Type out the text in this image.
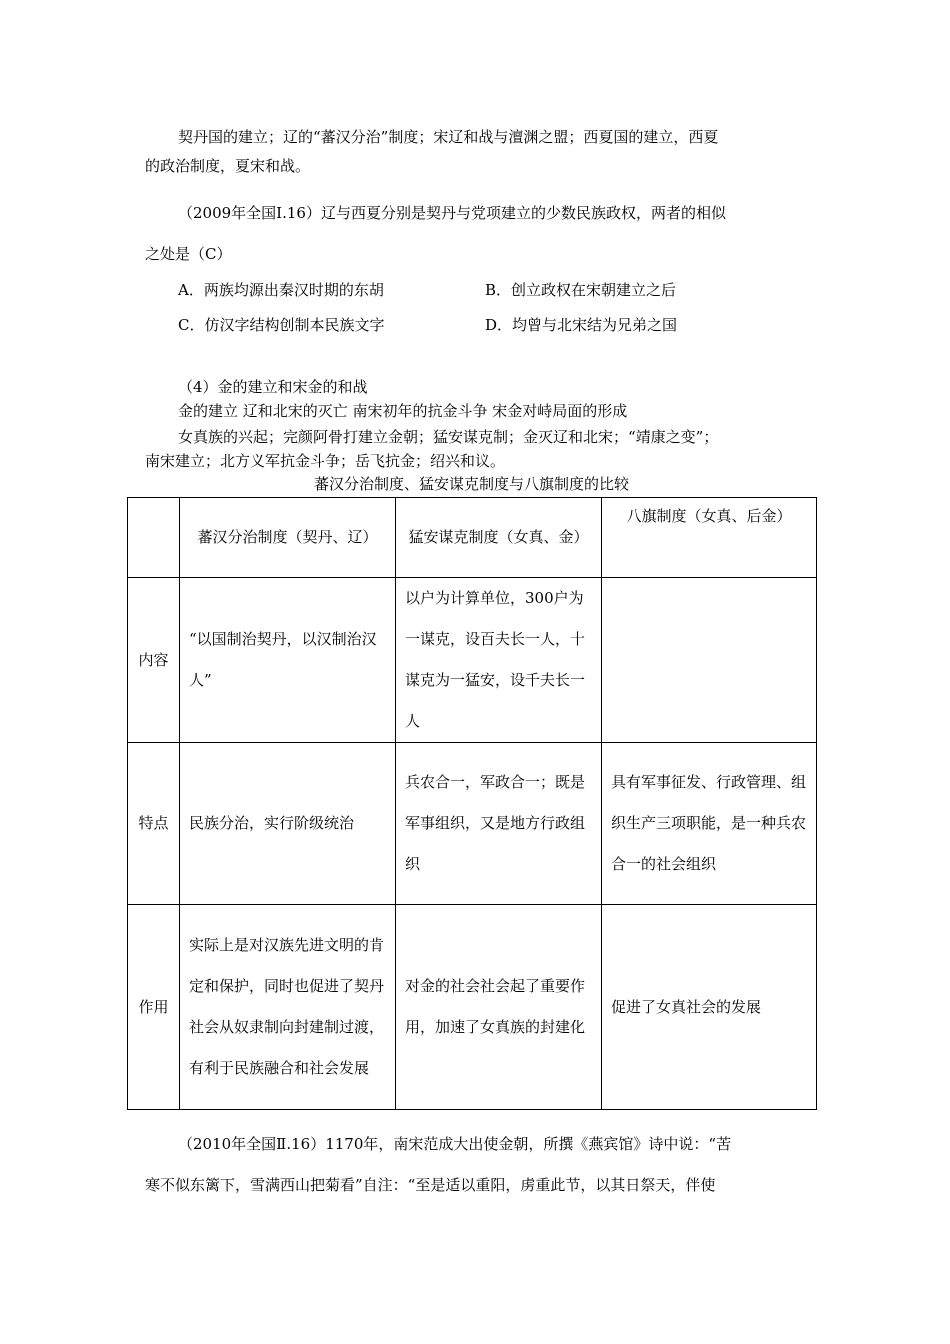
契丹国的建立；辽的“蕃汉分治”制度；宋辽和战与澶渊之盟；西夏国的建立，西夏
的政治制度，夏宋和战。
（2009年全国Ⅰ.16）辽与西夏分别是契丹与党项建立的少数民族政权，两者的相似
之处是（C）
A．两族均源出秦汉时期的东胡	B．创立政权在宋朝建立之后
C．仿汉字结构创制本民族文字	D．均曾与北宋结为兄弟之国
（4）金的建立和宋金的和战
金的建立 辽和北宋的灭亡 南宋初年的抗金斗争 宋金对峙局面的形成
女真族的兴起；完颜阿骨打建立金朝；猛安谋克制；金灭辽和北宋；“靖康之变”；
南宋建立；北方义军抗金斗争；岳飞抗金；绍兴和议。
蕃汉分治制度、猛安谋克制度与八旗制度的比较
	蕃汉分治制度（契丹、辽）	猛安谋克制度（女真、金）	八旗制度（女真、后金）
内容	“以国制治契丹，以汉制治汉人”	以户为计算单位，300户为一谋克，设百夫长一人，十谋克为一猛安，设千夫长一人	
特点	民族分治，实行阶级统治	兵农合一，军政合一；既是军事组织，又是地方行政组织	具有军事征发、行政管理、组织生产三项职能，是一种兵农合一的社会组织
作用	实际上是对汉族先进文明的肯定和保护，同时也促进了契丹社会从奴隶制向封建制过渡，有利于民族融合和社会发展	对金的社会社会起了重要作用，加速了女真族的封建化	促进了女真社会的发展
（2010年全国Ⅱ.16）1170年，南宋范成大出使金朝，所撰《燕宾馆》诗中说：“苦
寒不似东篱下，雪满西山把菊看”自注：“至是适以重阳，虏重此节，以其日祭天，伴使
